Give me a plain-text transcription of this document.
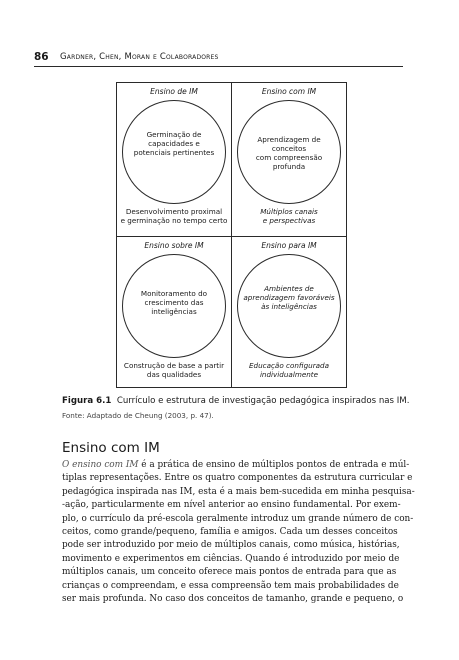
86 Gardner, Chen, Moran e Colaboradores
Ensino de IM
Germinação de
capacidades e
potenciais pertinentes
Desenvolvimento proximal
e germinação no tempo certo
Ensino com IM
Aprendizagem de conceitos
com compreensão profunda
Múltiplos canais
e perspectivas
Ensino sobre IM
Monitoramento do
crescimento das inteligências
Construção de base a partir
das qualidades
Ensino para IM
Ambientes de
aprendizagem favoráveis
às inteligências
Educação configurada
individualmente
Figura 6.1 Currículo e estrutura de investigação pedagógica inspirados nas IM.
Fonte: Adaptado de Cheung (2003, p. 47).
Ensino com IM
O ensino com IM é a prática de ensino de múltiplos pontos de entrada e múl-
tiplas representações. Entre os quatro componentes da estrutura curricular e
pedagógica inspirada nas IM, esta é a mais bem-sucedida em minha pesquisa-
-ação, particularmente em nível anterior ao ensino fundamental. Por exem-
plo, o currículo da pré-escola geralmente introduz um grande número de con-
ceitos, como grande/pequeno, família e amigos. Cada um desses conceitos
pode ser introduzido por meio de múltiplos canais, como música, histórias,
movimento e experimentos em ciências. Quando é introduzido por meio de
múltiplos canais, um conceito oferece mais pontos de entrada para que as
crianças o compreendam, e essa compreensão tem mais probabilidades de
ser mais profunda. No caso dos conceitos de tamanho, grande e pequeno, o
